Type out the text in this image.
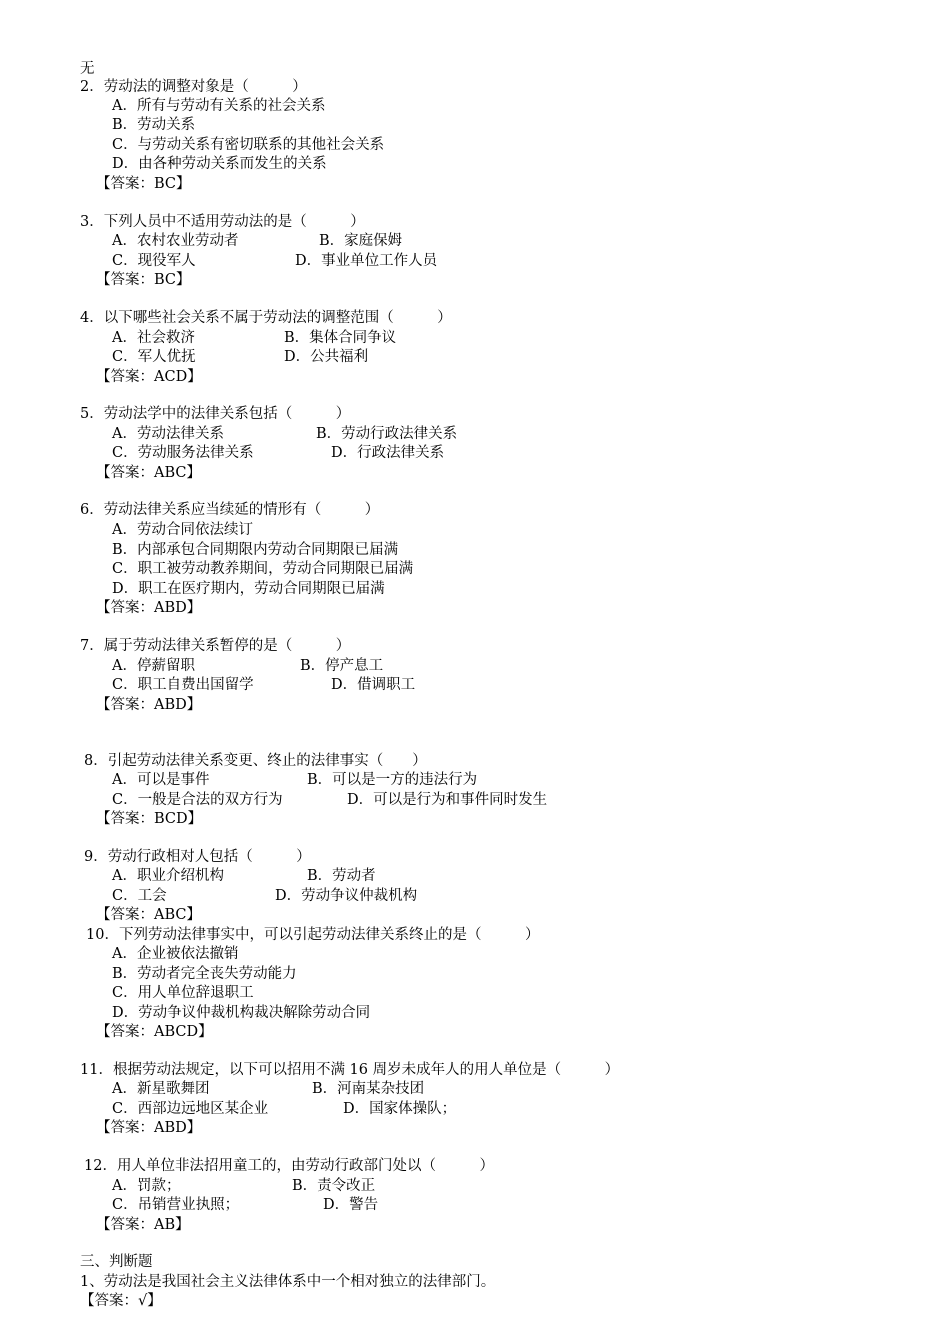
无
2．劳动法的调整对象是（　　　）
A．所有与劳动有关系的社会关系
B．劳动关系
C．与劳动关系有密切联系的其他社会关系
D．由各种劳动关系而发生的关系
【答案：BC】
3．下列人员中不适用劳动法的是（　　　）
A．农村农业劳动者	B．家庭保姆
C．现役军人	D．事业单位工作人员
【答案：BC】
4．以下哪些社会关系不属于劳动法的调整范围（　　　）
A．社会救济	B．集体合同争议
C．军人优抚	D．公共福利
【答案：ACD】
5．劳动法学中的法律关系包括（　　　）
A．劳动法律关系	B．劳动行政法律关系
C．劳动服务法律关系	D．行政法律关系
【答案：ABC】
6．劳动法律关系应当续延的情形有（　　　）
A．劳动合同依法续订
B．内部承包合同期限内劳动合同期限已届满
C．职工被劳动教养期间，劳动合同期限已届满
D．职工在医疗期内，劳动合同期限已届满
【答案：ABD】
7．属于劳动法律关系暂停的是（　　　）
A．停薪留职	B．停产息工
C．职工自费出国留学	D．借调职工
【答案：ABD】
8．引起劳动法律关系变更、终止的法律事实（　　）
A．可以是事件	B．可以是一方的违法行为
C．一般是合法的双方行为	D．可以是行为和事件同时发生
【答案：BCD】
9．劳动行政相对人包括（　　　）
A．职业介绍机构	B．劳动者
C．工会	D．劳动争议仲裁机构
【答案：ABC】
10．下列劳动法律事实中，可以引起劳动法律关系终止的是（　　　）
A．企业被依法撤销
B．劳动者完全丧失劳动能力
C．用人单位辞退职工
D．劳动争议仲裁机构裁决解除劳动合同
【答案：ABCD】
11．根据劳动法规定，以下可以招用不满 16 周岁未成年人的用人单位是（　　　）
A．新星歌舞团	B．河南某杂技团
C．西部边远地区某企业	D．国家体操队；
【答案：ABD】
12．用人单位非法招用童工的，由劳动行政部门处以（　　　）
A．罚款；	B．责令改正
C．吊销营业执照；	D．警告
【答案：AB】
三、判断题
1、劳动法是我国社会主义法律体系中一个相对独立的法律部门。
【答案：√】
